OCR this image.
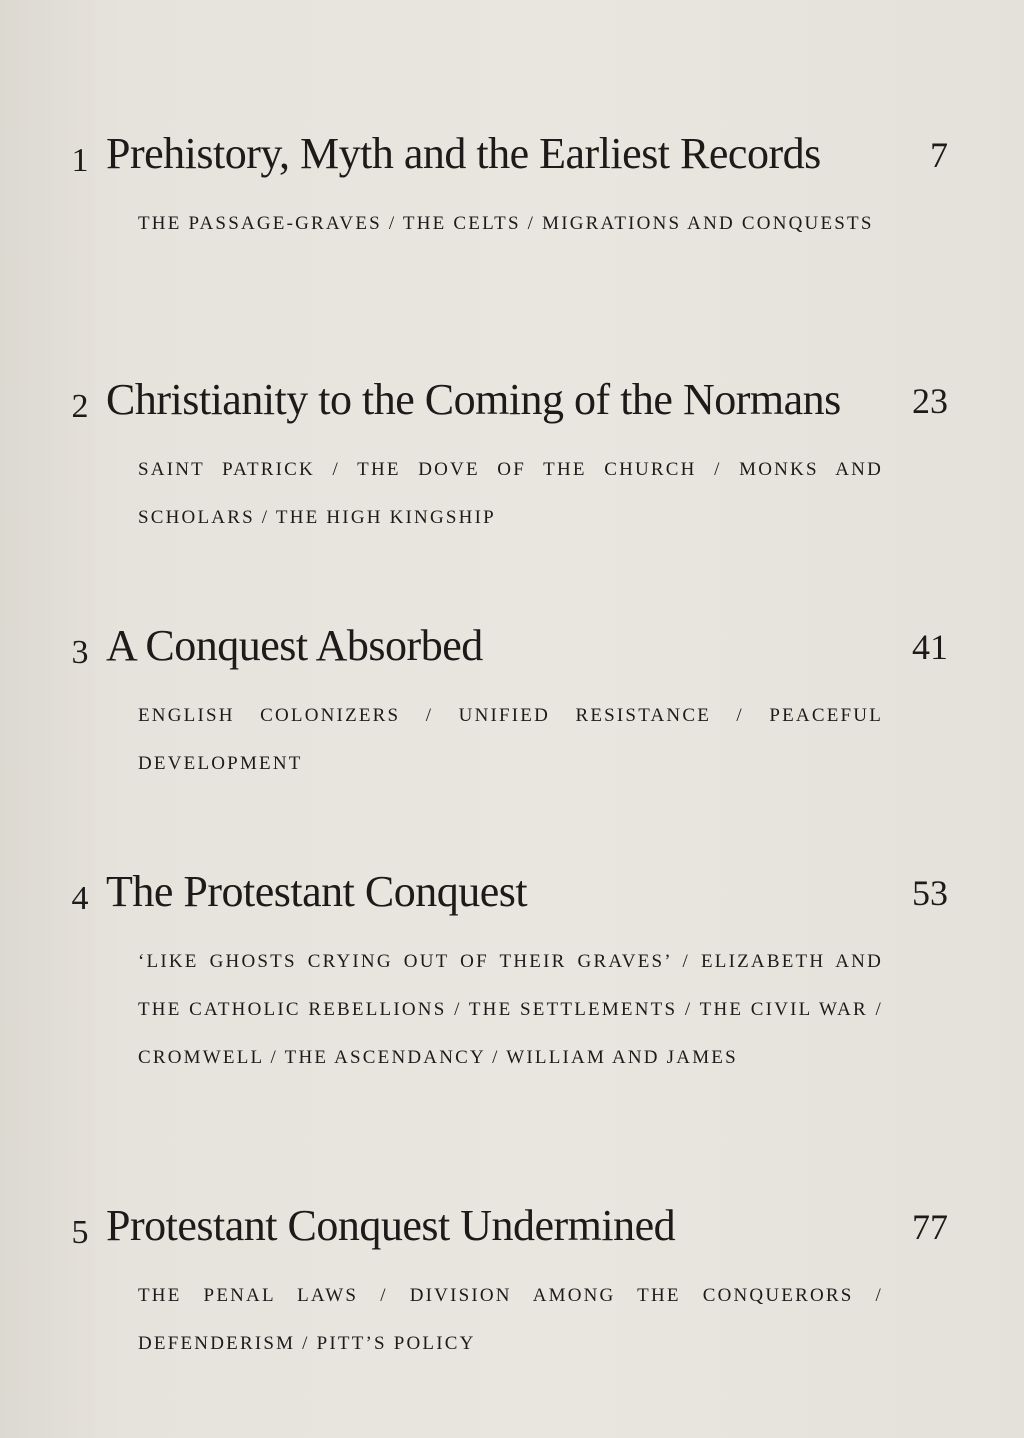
1 Prehistory, Myth and the Earliest Records	7
THE PASSAGE-GRAVES / THE CELTS / MIGRATIONS AND CONQUESTS
2 Christianity to the Coming of the Normans 23
SAINT PATRICK / THE DOVE OF THE CHURCH / MONKS AND SCHOLARS / THE HIGH KINGSHIP
3 A Conquest Absorbed	41
ENGLISH COLONIZERS / UNIFIED RESISTANCE / PEACEFUL DEVELOPMENT
4 The Protestant Conquest	53
‘LIKE GHOSTS CRYING OUT OF THEIR GRAVES’ / ELIZABETH AND THE CATHOLIC REBELLIONS / THE SETTLEMENTS / THE CIVIL WAR / CROMWELL / THE ASCENDANCY / WILLIAM AND JAMES
5 Protestant Conquest Undermined	77
THE PENAL LAWS / DIVISION AMONG THE CONQUERORS / DEFENDERISM / PITT’S POLICY
